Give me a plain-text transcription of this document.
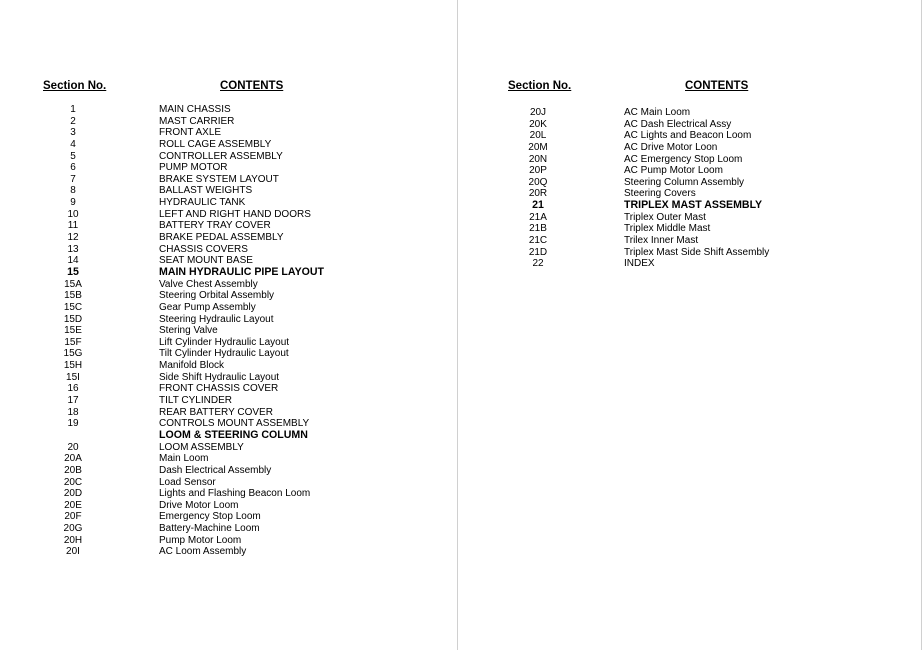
Section No.	CONTENTS
1	MAIN CHASSIS
2	MAST CARRIER
3	FRONT AXLE
4	ROLL CAGE ASSEMBLY
5	CONTROLLER ASSEMBLY
6	PUMP MOTOR
7	BRAKE SYSTEM LAYOUT
8	BALLAST WEIGHTS
9	HYDRAULIC TANK
10	LEFT AND RIGHT HAND DOORS
11	BATTERY TRAY COVER
12	BRAKE PEDAL ASSEMBLY
13	CHASSIS COVERS
14	SEAT MOUNT BASE
15	MAIN HYDRAULIC PIPE LAYOUT
15A	Valve Chest Assembly
15B	Steering Orbital Assembly
15C	Gear Pump Assembly
15D	Steering Hydraulic Layout
15E	Stering Valve
15F	Lift Cylinder Hydraulic Layout
15G	Tilt Cylinder Hydraulic Layout
15H	Manifold Block
15I	Side Shift Hydraulic Layout
16	FRONT CHASSIS COVER
17	TILT CYLINDER
18	REAR BATTERY COVER
19	CONTROLS MOUNT ASSEMBLY
LOOM & STEERING COLUMN
20	LOOM ASSEMBLY
20A	Main Loom
20B	Dash Electrical Assembly
20C	Load Sensor
20D	Lights and Flashing Beacon Loom
20E	Drive Motor Loom
20F	Emergency Stop Loom
20G	Battery-Machine Loom
20H	Pump Motor Loom
20I	AC Loom Assembly
Section No.	CONTENTS
20J	AC Main Loom
20K	AC Dash Electrical Assy
20L	AC Lights and Beacon Loom
20M	AC Drive Motor Loon
20N	AC Emergency Stop Loom
20P	AC Pump Motor Loom
20Q	Steering Column Assembly
20R	Steering Covers
21	TRIPLEX MAST ASSEMBLY
21A	Triplex Outer Mast
21B	Triplex Middle Mast
21C	Trilex Inner Mast
21D	Triplex Mast Side Shift Assembly
22	INDEX
